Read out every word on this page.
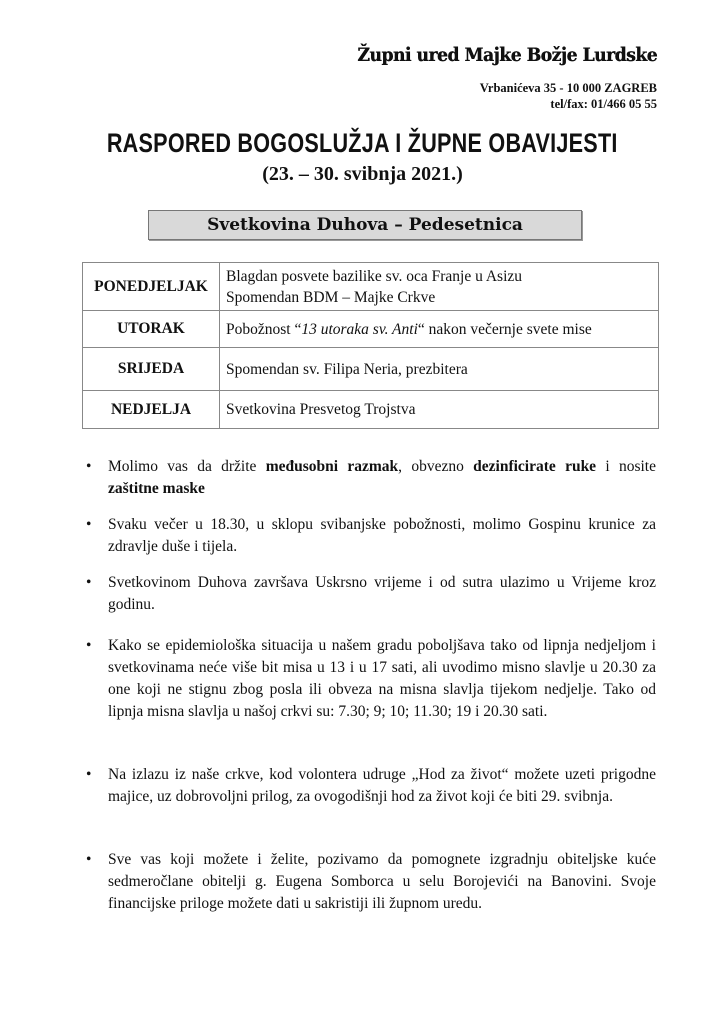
Župni ured Majke Božje Lurdske
Vrbanićeva 35 - 10 000 ZAGREB
tel/fax: 01/466 05 55
RASPORED BOGOSLUŽJA I ŽUPNE OBAVIJESTI
(23. – 30. svibnja 2021.)
Svetkovina Duhova – Pedesetnica
PONEDJELJAK	Blagdan posvete bazilike sv. oca Franje u Asizu
Spomendan BDM – Majke Crkve

UTORAK	Pobožnost “13 utoraka sv. Anti“ nakon večernje svete mise
SRIJEDA	Spomendan sv. Filipa Neria, prezbitera
NEDJELJA	Svetkovina Presvetog Trojstva
• Molimo vas da držite međusobni razmak, obvezno dezinficirate ruke i nosite zaštitne maske
• Svaku večer u 18.30, u sklopu svibanjske pobožnosti, molimo Gospinu krunice za zdravlje duše i tijela.
• Svetkovinom Duhova završava Uskrsno vrijeme i od sutra ulazimo u Vrijeme kroz godinu.
• Kako se epidemiološka situacija u našem gradu poboljšava tako od lipnja nedjeljom i svetkovinama neće više bit misa u 13 i u 17 sati, ali uvodimo misno slavlje u 20.30 za one koji ne stignu zbog posla ili obveza na misna slavlja tijekom nedjelje. Tako od lipnja misna slavlja u našoj crkvi su: 7.30; 9; 10; 11.30; 19 i 20.30 sati.
• Na izlazu iz naše crkve, kod volontera udruge „Hod za život“ možete uzeti prigodne majice, uz dobrovoljni prilog, za ovogodišnji hod za život koji će biti 29. svibnja.
• Sve vas koji možete i želite, pozivamo da pomognete izgradnju obiteljske kuće sedmeročlane obitelji g. Eugena Somborca u selu Borojevići na Banovini. Svoje financijske priloge možete dati u sakristiji ili župnom uredu.
